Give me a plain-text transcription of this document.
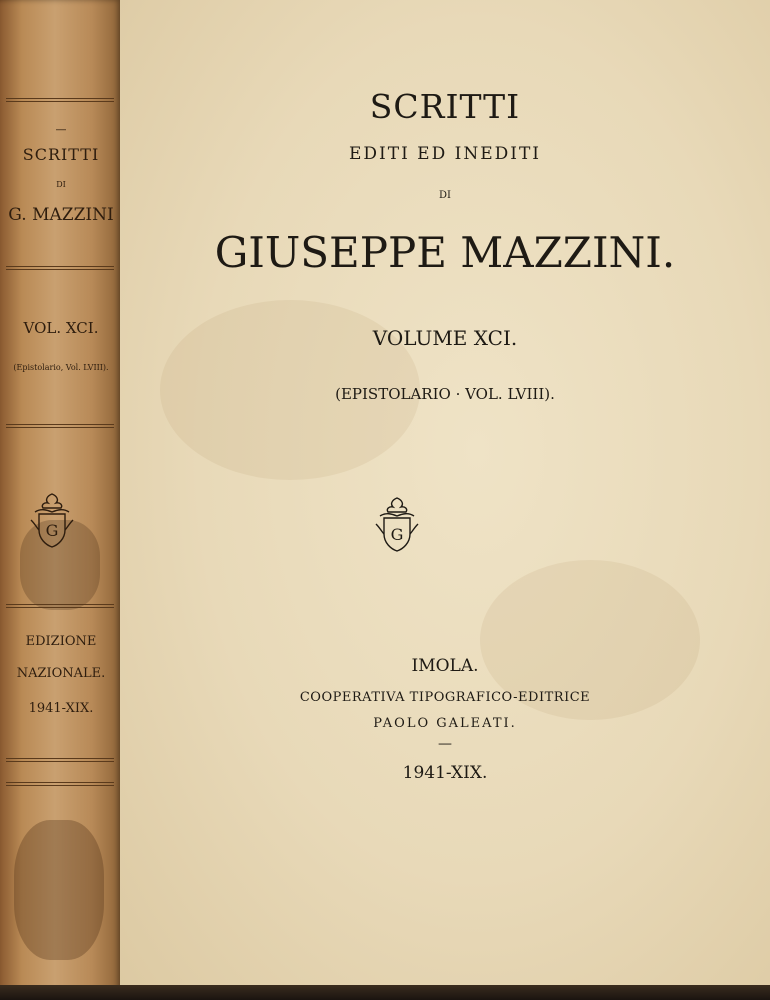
—
SCRITTI
DI
G. MAZZINI
VOL. XCI.
(Epistolario, Vol. LVIII).
G
EDIZIONE
NAZIONALE.
1941-XIX.
SCRITTI
EDITI ED INEDITI
DI
GIUSEPPE MAZZINI.
VOLUME XCI.
(EPISTOLARIO · VOL. LVIII).
G
IMOLA.
COOPERATIVA TIPOGRAFICO-EDITRICE
PAOLO GALEATI.
—
1941-XIX.
